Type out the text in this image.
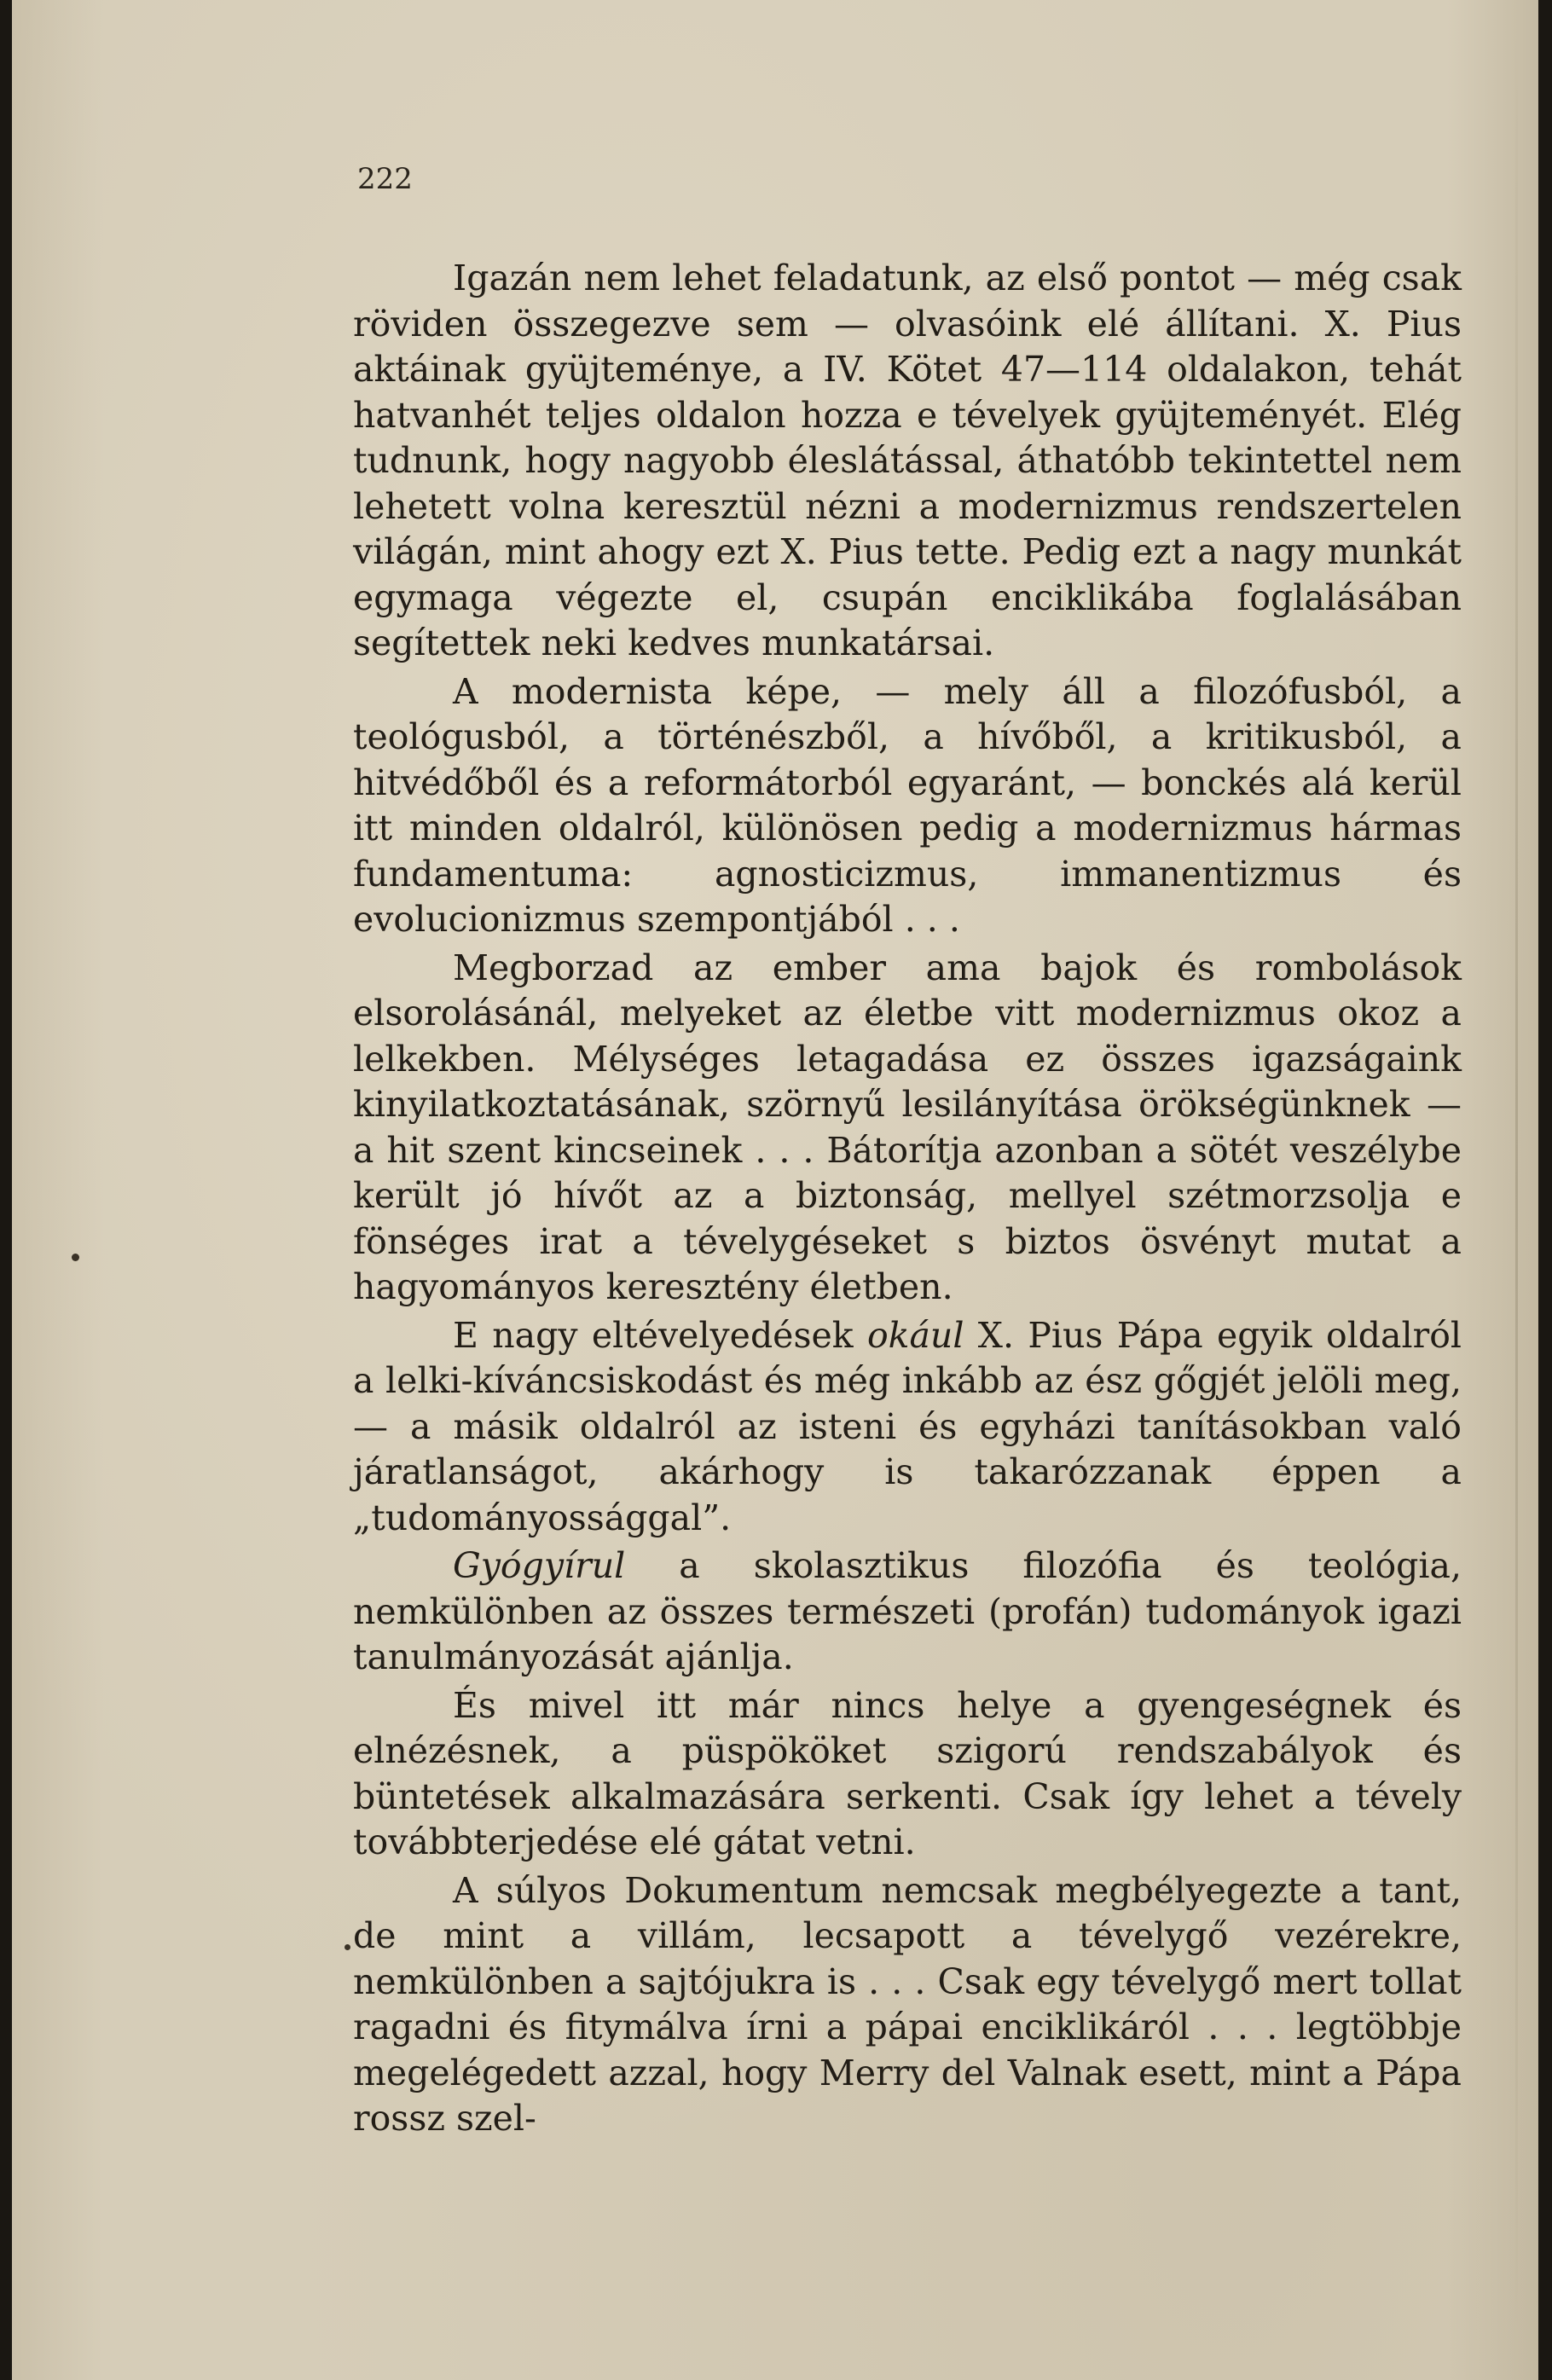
222

Igazán nem lehet feladatunk, az első pontot — még csak röviden összegezve sem — olvasóink elé állítani. X. Pius aktáinak gyüjteménye, a IV. Kötet 47—114 oldalakon, tehát hatvanhét teljes oldalon hozza e tévelyek gyüjteményét. Elég tudnunk, hogy nagyobb éleslátással, áthatóbb tekintettel nem lehetett volna keresztül nézni a modernizmus rendszertelen világán, mint ahogy ezt X. Pius tette. Pedig ezt a nagy munkát egymaga végezte el, csupán enciklikába foglalásában segítettek neki kedves munkatársai.

A modernista képe, — mely áll a filozófusból, a teológusból, a történészből, a hívőből, a kritikusból, a hitvédőből és a reformátorból egyaránt, — bonckés alá kerül itt minden oldalról, különösen pedig a modernizmus hármas fundamentuma: agnosticizmus, immanentizmus és evolucionizmus szempontjából . . .

Megborzad az ember ama bajok és rombolások elsorolásánál, melyeket az életbe vitt modernizmus okoz a lelkekben. Mélységes letagadása ez összes igazságaink kinyilatkoztatásának, szörnyű lesilányítása örökségünknek — a hit szent kincseinek . . . Bátorítja azonban a sötét veszélybe került jó hívőt az a biztonság, mellyel szétmorzsolja e fönséges irat a tévelygéseket s biztos ösvényt mutat a hagyományos keresztény életben.

E nagy eltévelyedések okául X. Pius Pápa egyik oldalról a lelki-kíváncsiskodást és még inkább az ész gőgjét jelöli meg, — a másik oldalról az isteni és egyházi tanításokban való járatlanságot, akárhogy is takarózzanak éppen a „tudományossággal”.

Gyógyírul a skolasztikus filozófia és teológia, nemkülönben az összes természeti (profán) tudományok igazi tanulmányozását ajánlja.

És mivel itt már nincs helye a gyengeségnek és elnézésnek, a püspököket szigorú rendszabályok és büntetések alkalmazására serkenti. Csak így lehet a tévely továbbterjedése elé gátat vetni.

A súlyos Dokumentum nemcsak megbélyegezte a tant, de mint a villám, lecsapott a tévelygő vezérekre, nemkülönben a sajtójukra is . . . Csak egy tévelygő mert tollat ragadni és fitymálva írni a pápai enciklikáról . . . legtöbbje megelégedett azzal, hogy Merry del Valnak esett, mint a Pápa rossz szel-
